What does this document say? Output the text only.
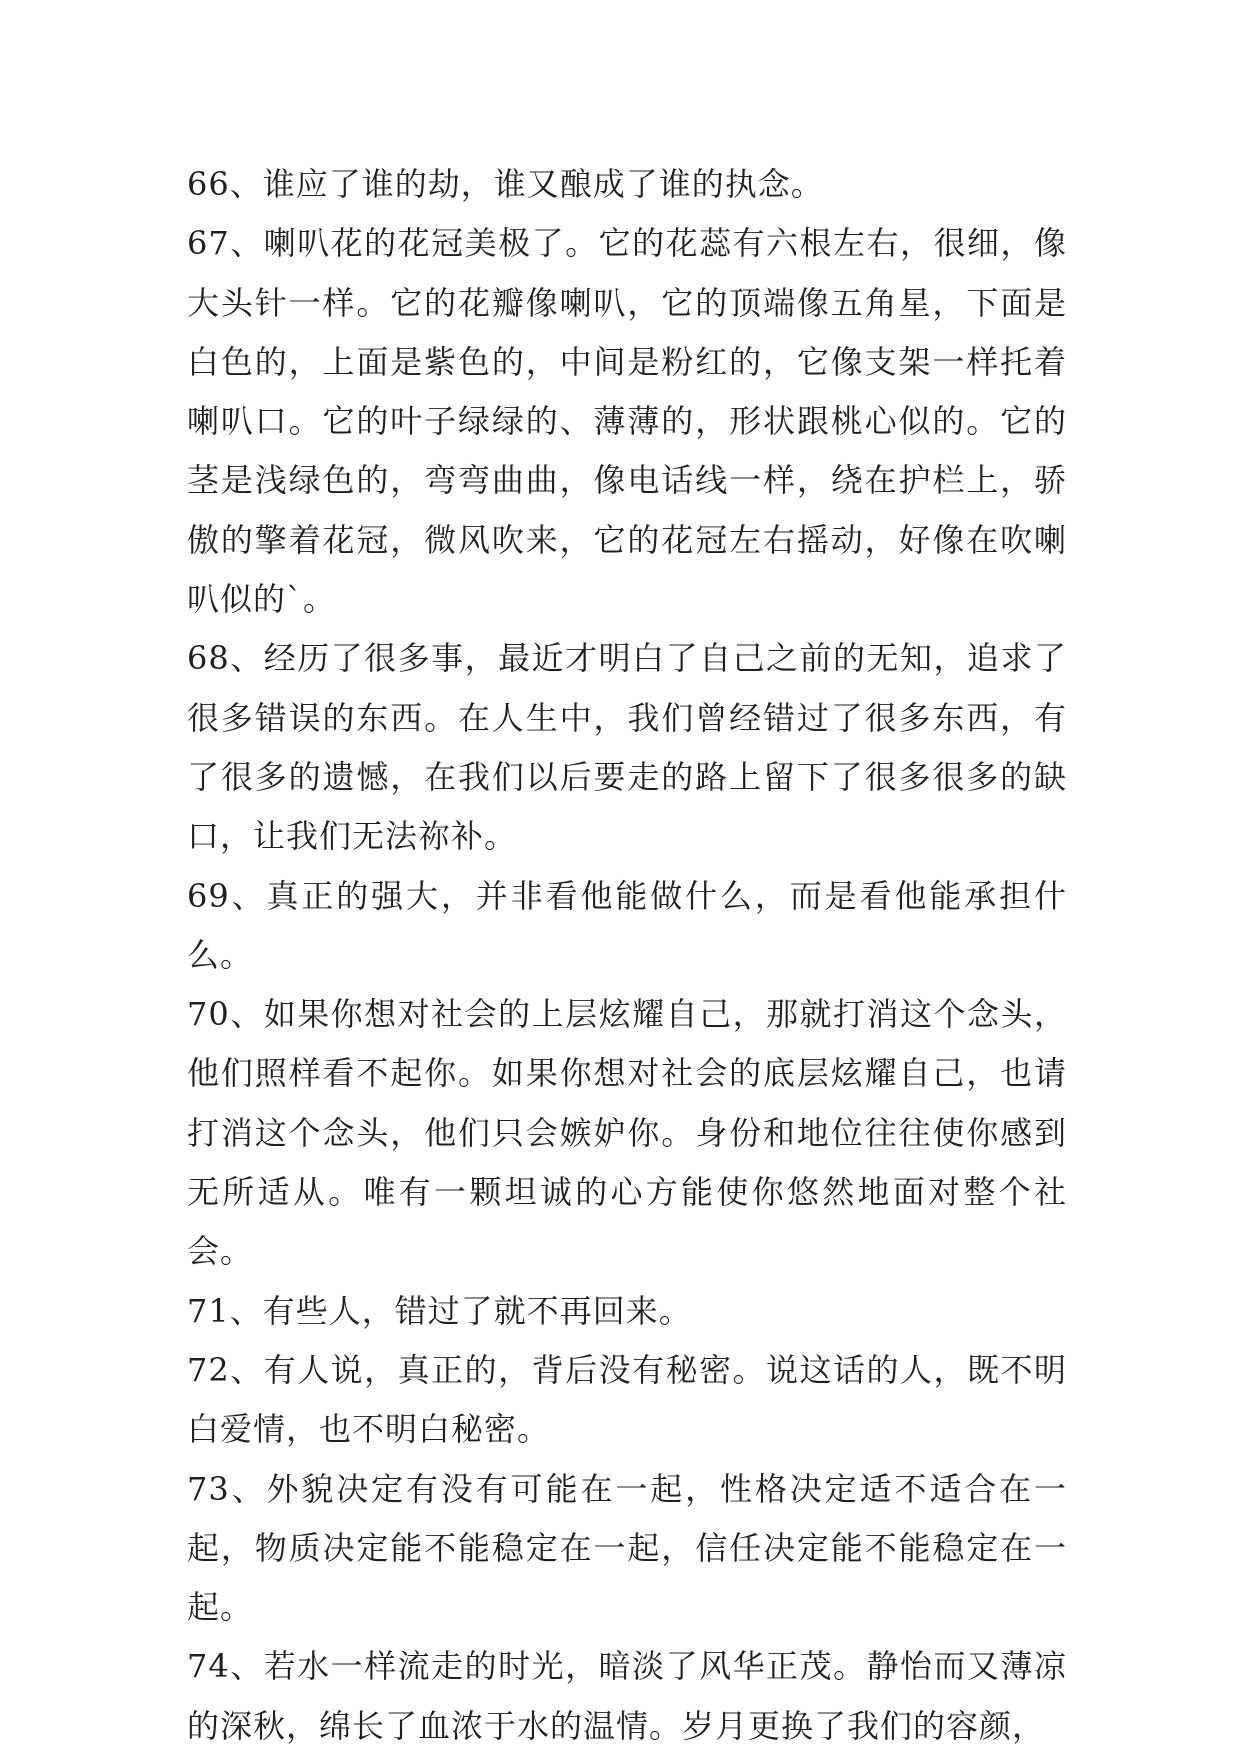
66、谁应了谁的劫，谁又酿成了谁的执念。

67、喇叭花的花冠美极了。它的花蕊有六根左右，很细，像大头针一样。它的花瓣像喇叭，它的顶端像五角星，下面是白色的，上面是紫色的，中间是粉红的，它像支架一样托着喇叭口。它的叶子绿绿的、薄薄的，形状跟桃心似的。它的茎是浅绿色的，弯弯曲曲，像电话线一样，绕在护栏上，骄傲的擎着花冠，微风吹来，它的花冠左右摇动，好像在吹喇叭似的`。

68、经历了很多事，最近才明白了自己之前的无知，追求了很多错误的东西。在人生中，我们曾经错过了很多东西，有了很多的遗憾，在我们以后要走的路上留下了很多很多的缺口，让我们无法祢补。

69、真正的强大，并非看他能做什么，而是看他能承担什么。

70、如果你想对社会的上层炫耀自己，那就打消这个念头，他们照样看不起你。如果你想对社会的底层炫耀自己，也请打消这个念头，他们只会嫉妒你。身份和地位往往使你感到无所适从。唯有一颗坦诚的心方能使你悠然地面对整个社会。

71、有些人，错过了就不再回来。

72、有人说，真正的，背后没有秘密。说这话的人，既不明白爱情，也不明白秘密。

73、外貌决定有没有可能在一起，性格决定适不适合在一起，物质决定能不能稳定在一起，信任决定能不能稳定在一起。

74、若水一样流走的时光，暗淡了风华正茂。静怡而又薄凉的深秋，绵长了血浓于水的温情。岁月更换了我们的容颜，
